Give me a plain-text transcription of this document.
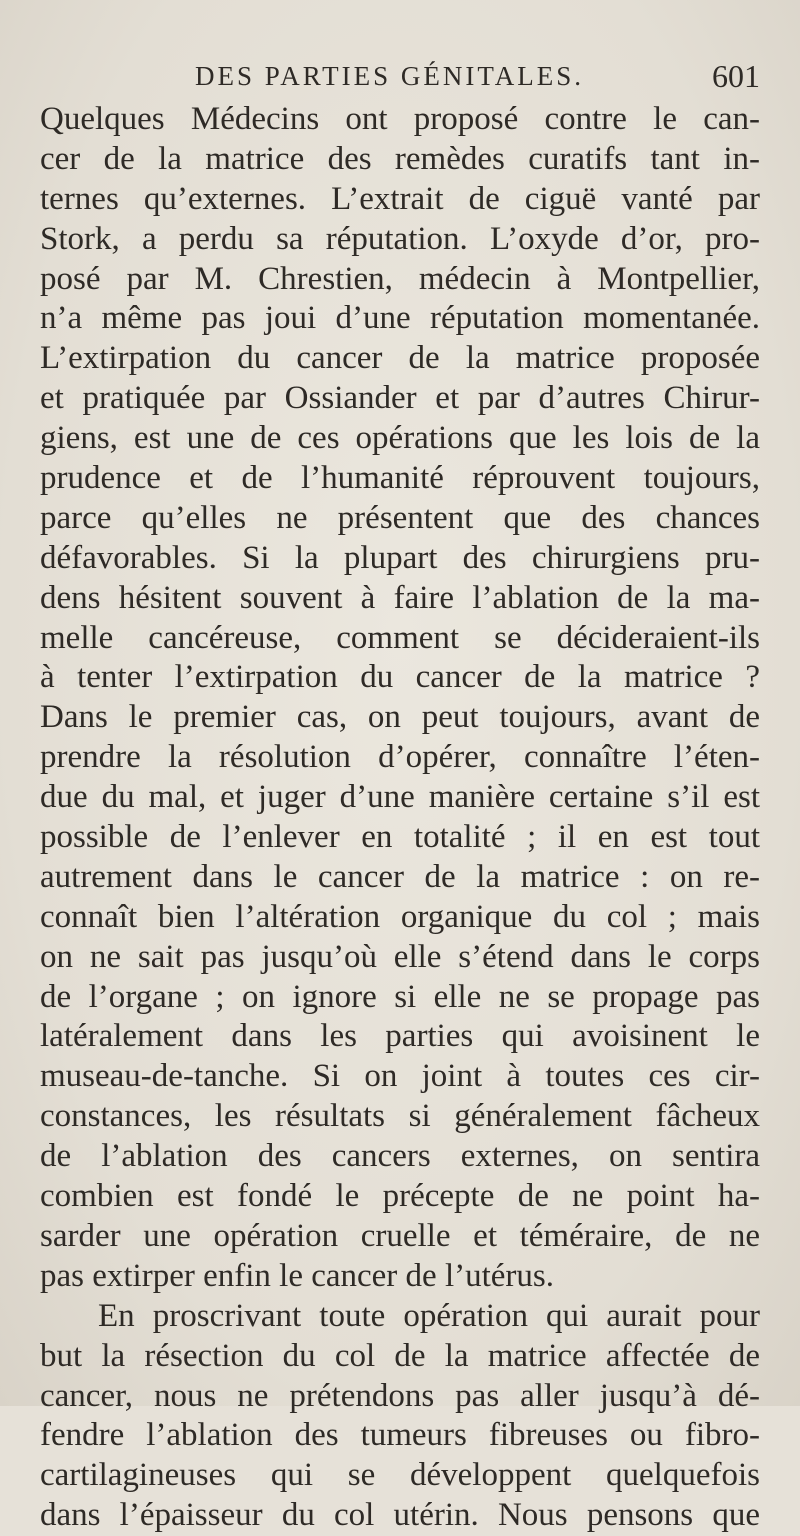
DES PARTIES GÉNITALES.	601
Quelques Médecins ont proposé contre le can-
cer de la matrice des remèdes curatifs tant in-
ternes qu’externes. L’extrait de ciguë vanté par
Stork, a perdu sa réputation. L’oxyde d’or, pro-
posé par M. Chrestien, médecin à Montpellier,
n’a même pas joui d’une réputation momentanée.
L’extirpation du cancer de la matrice proposée
et pratiquée par Ossiander et par d’autres Chirur-
giens, est une de ces opérations que les lois de la
prudence et de l’humanité réprouvent toujours,
parce qu’elles ne présentent que des chances
défavorables. Si la plupart des chirurgiens pru-
dens hésitent souvent à faire l’ablation de la ma-
melle cancéreuse, comment se décideraient-ils
à tenter l’extirpation du cancer de la matrice ?
Dans le premier cas, on peut toujours, avant de
prendre la résolution d’opérer, connaître l’éten-
due du mal, et juger d’une manière certaine s’il est
possible de l’enlever en totalité ; il en est tout
autrement dans le cancer de la matrice : on re-
connaît bien l’altération organique du col ; mais
on ne sait pas jusqu’où elle s’étend dans le corps
de l’organe ; on ignore si elle ne se propage pas
latéralement dans les parties qui avoisinent le
museau-de-tanche. Si on joint à toutes ces cir-
constances, les résultats si généralement fâcheux
de l’ablation des cancers externes, on sentira
combien est fondé le précepte de ne point ha-
sarder une opération cruelle et téméraire, de ne
pas extirper enfin le cancer de l’utérus.
En proscrivant toute opération qui aurait pour
but la résection du col de la matrice affectée de
cancer, nous ne prétendons pas aller jusqu’à dé-
fendre l’ablation des tumeurs fibreuses ou fibro-
cartilagineuses qui se développent quelquefois
dans l’épaisseur du col utérin. Nous pensons que
